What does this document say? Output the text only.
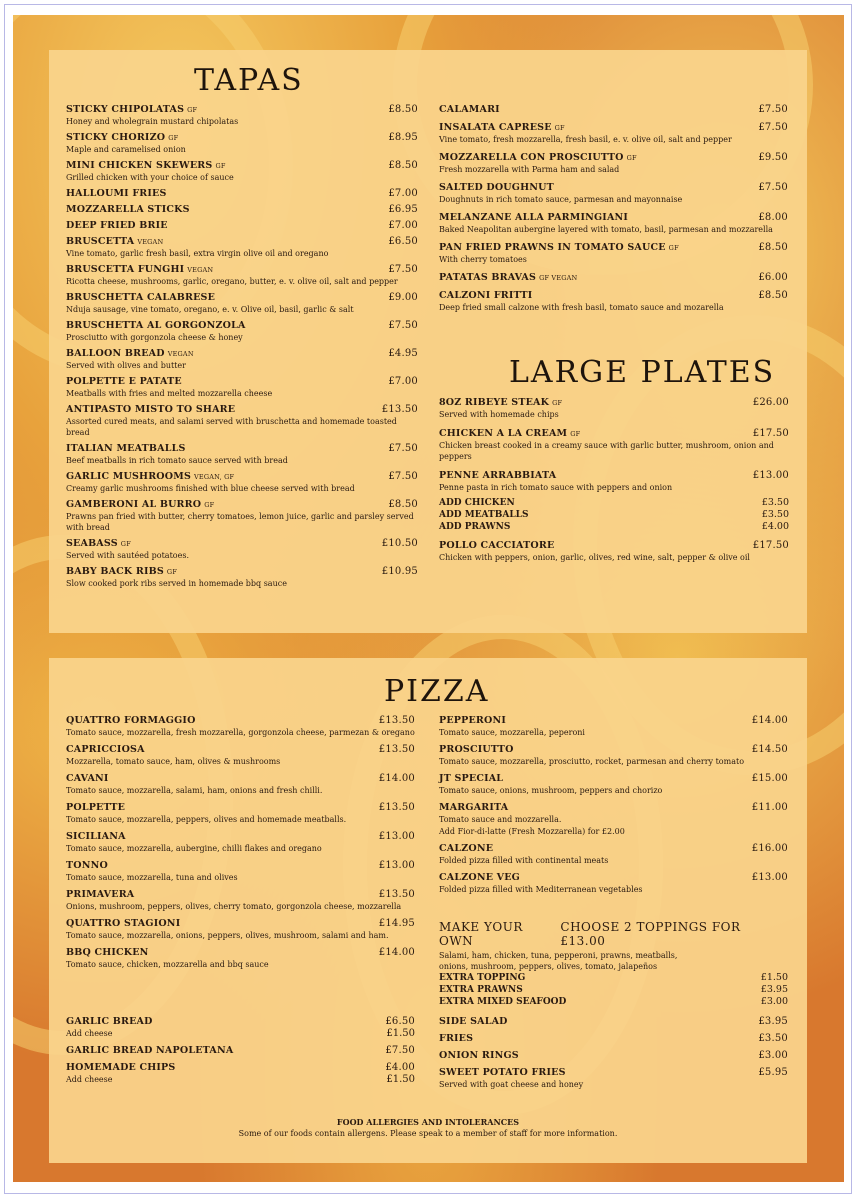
TAPAS
STICKY CHIPOLATAS GF	£8.50
Honey and wholegrain mustard chipolatas
STICKY CHORIZO GF	£8.95
Maple and caramelised onion
MINI CHICKEN SKEWERS GF	£8.50
Grilled chicken with your choice of sauce
HALLOUMI FRIES	£7.00
MOZZARELLA STICKS	£6.95
DEEP FRIED BRIE	£7.00
BRUSCETTA VEGAN	£6.50
Vine tomato, garlic fresh basil, extra virgin olive oil and oregano
BRUSCETTA FUNGHI VEGAN	£7.50
Ricotta cheese, mushrooms, garlic, oregano, butter, e. v. olive oil, salt and pepper
BRUSCHETTA CALABRESE	£9.00
Nduja sausage, vine tomato, oregano, e. v. Olive oil, basil, garlic & salt
BRUSCHETTA AL GORGONZOLA	£7.50
Prosciutto with gorgonzola cheese & honey
BALLOON BREAD VEGAN	£4.95
Served with olives and butter
POLPETTE E PATATE	£7.00
Meatballs with fries and melted mozzarella cheese
ANTIPASTO MISTO TO SHARE	£13.50
Assorted cured meats, and salami served with bruschetta and homemade toasted bread
ITALIAN MEATBALLS	£7.50
Beef meatballs in rich tomato sauce served with bread
GARLIC MUSHROOMS VEGAN, GF	£7.50
Creamy garlic mushrooms finished with blue cheese served with bread
GAMBERONI AL BURRO GF	£8.50
Prawns pan fried with butter, cherry tomatoes, lemon juice, garlic and parsley served with bread
SEABASS GF	£10.50
Served with sautéed potatoes.
BABY BACK RIBS GF	£10.95
Slow cooked pork ribs served in homemade bbq sauce
CALAMARI	£7.50
INSALATA CAPRESE GF	£7.50
Vine tomato, fresh mozzarella, fresh basil, e. v. olive oil, salt and pepper
MOZZARELLA CON PROSCIUTTO GF	£9.50
Fresh mozzarella with Parma ham and salad
SALTED DOUGHNUT	£7.50
Doughnuts in rich tomato sauce, parmesan and mayonnaise
MELANZANE ALLA PARMINGIANI	£8.00
Baked Neapolitan aubergine layered with tomato, basil, parmesan and mozzarella
PAN FRIED PRAWNS IN TOMATO SAUCE GF	£8.50
With cherry tomatoes
PATATAS BRAVAS GF VEGAN	£6.00
CALZONI FRITTI	£8.50
Deep fried small calzone with fresh basil, tomato sauce and mozarella
LARGE PLATES
8OZ RIBEYE STEAK GF	£26.00
Served with homemade chips
CHICKEN A LA CREAM GF	£17.50
Chicken breast cooked in a creamy sauce with garlic butter, mushroom, onion and peppers
PENNE ARRABBIATA	£13.00
Penne pasta in rich tomato sauce with peppers and onion
ADD CHICKEN	£3.50
ADD MEATBALLS	£3.50
ADD PRAWNS	£4.00
POLLO CACCIATORE	£17.50
Chicken with peppers, onion, garlic, olives, red wine, salt, pepper & olive oil
PIZZA
QUATTRO FORMAGGIO	£13.50
Tomato sauce, mozzarella, fresh mozzarella, gorgonzola cheese, parmezan & oregano
CAPRICCIOSA	£13.50
Mozzarella, tomato sauce, ham, olives & mushrooms
CAVANI	£14.00
Tomato sauce, mozzarella, salami, ham, onions and fresh chilli.
POLPETTE	£13.50
Tomato sauce, mozzarella, peppers, olives and homemade meatballs.
SICILIANA	£13.00
Tomato sauce, mozzarella, aubergine, chilli flakes and oregano
TONNO	£13.00
Tomato sauce, mozzarella, tuna and olives
PRIMAVERA	£13.50
Onions, mushroom, peppers, olives, cherry tomato, gorgonzola cheese, mozzarella
QUATTRO STAGIONI	£14.95
Tomato sauce, mozzarella, onions, peppers, olives, mushroom, salami and ham.
BBQ CHICKEN	£14.00
Tomato sauce, chicken, mozzarella and bbq sauce
PEPPERONI	£14.00
Tomato sauce, mozzarella, peperoni
PROSCIUTTO	£14.50
Tomato sauce, mozzarella, prosciutto, rocket, parmesan and cherry tomato
JT SPECIAL	£15.00
Tomato sauce, onions, mushroom, peppers and chorizo
MARGARITA	£11.00
Tomato sauce and mozzarella.
Add Fior-di-latte (Fresh Mozzarella) for £2.00
CALZONE	£16.00
Folded pizza filled with continental meats
CALZONE VEG	£13.00
Folded pizza filled with Mediterranean vegetables
MAKE YOUR OWN
CHOOSE 2 TOPPINGS FOR £13.00
Salami, ham, chicken, tuna, pepperoni, prawns, meatballs,
onions, mushroom, peppers, olives, tomato, jalapeños
EXTRA TOPPING	£1.50
EXTRA PRAWNS	£3.95
EXTRA MIXED SEAFOOD	£3.00
GARLIC BREAD	£6.50
Add cheese	£1.50
GARLIC BREAD NAPOLETANA	£7.50
HOMEMADE CHIPS	£4.00
Add cheese	£1.50
SIDE SALAD	£3.95
FRIES	£3.50
ONION RINGS	£3.00
SWEET POTATO FRIES	£5.95
Served with goat cheese and honey
FOOD ALLERGIES AND INTOLERANCES
Some of our foods contain allergens. Please speak to a member of staff for more information.
